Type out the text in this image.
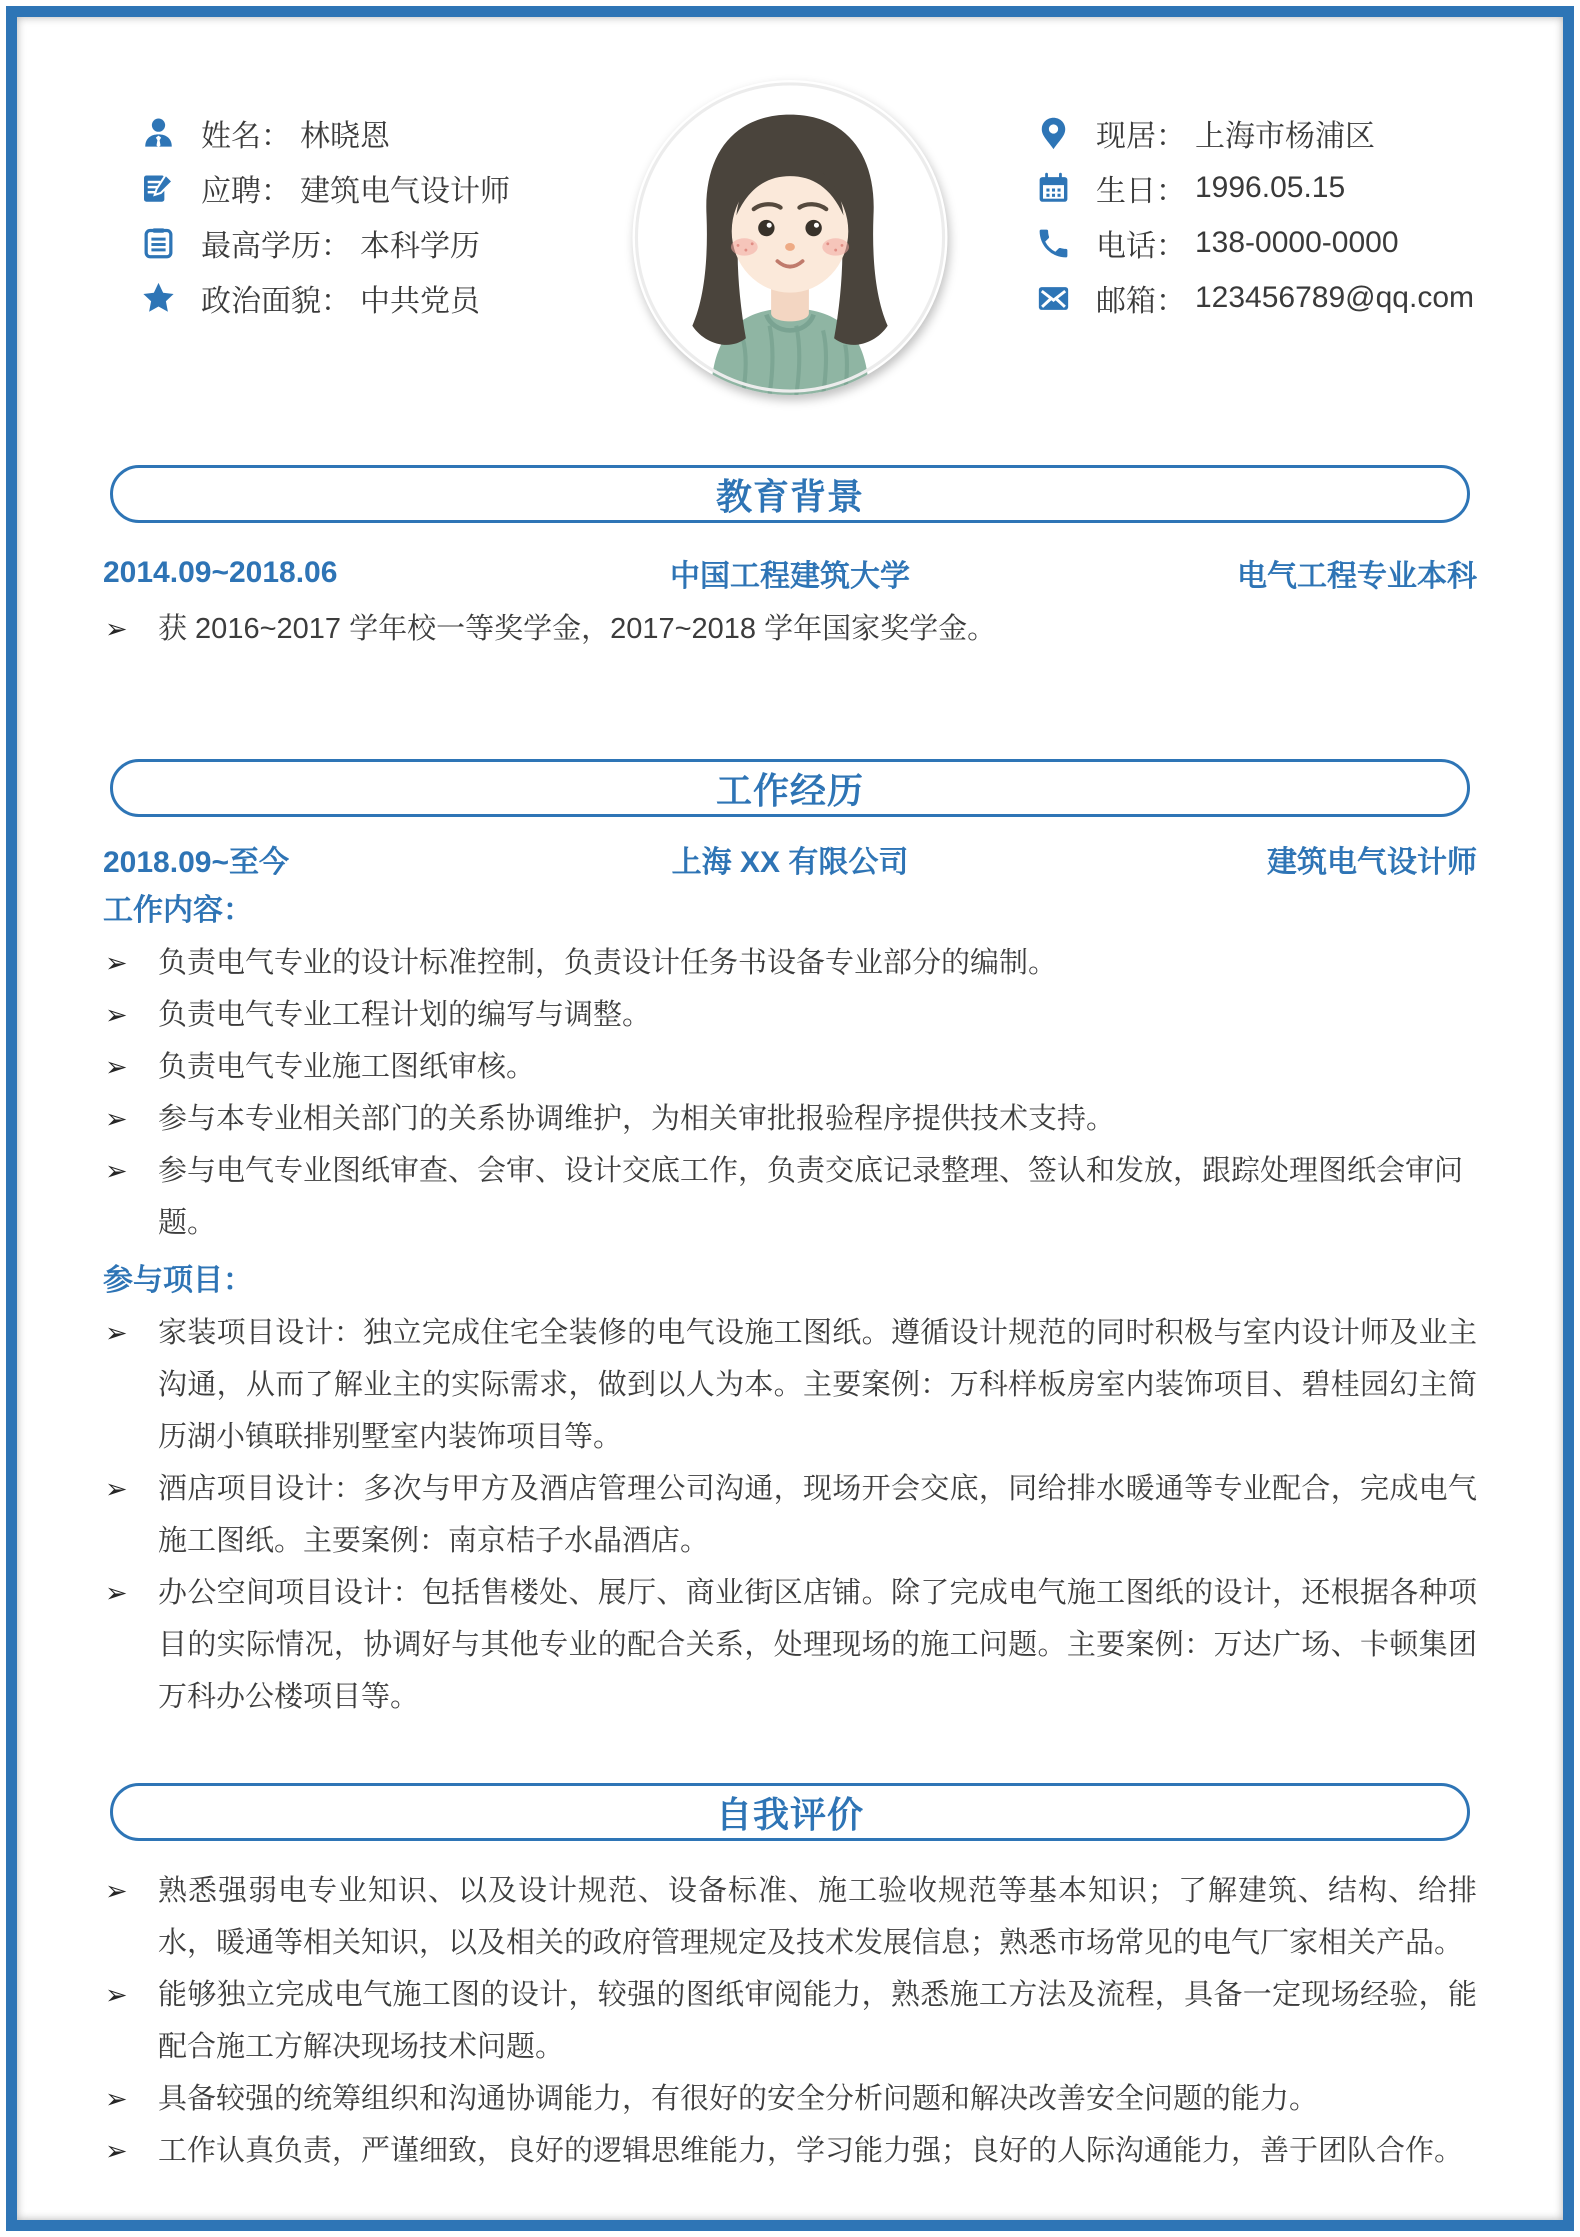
姓名： 林晓恩
应聘： 建筑电气设计师
最高学历： 本科学历
政治面貌： 中共党员
现居： 上海市杨浦区
生日： 1996.05.15
电话： 138-0000-0000
邮箱： 123456789@qq.com
教育背景
2014.09~2018.06	中国工程建筑大学	电气工程专业本科
➢ 获 2016~2017 学年校一等奖学金，2017~2018 学年国家奖学金。
工作经历
2018.09~至今	上海 XX 有限公司	建筑电气设计师
工作内容：
➢ 负责电气专业的设计标准控制，负责设计任务书设备专业部分的编制。
➢ 负责电气专业工程计划的编写与调整。
➢ 负责电气专业施工图纸审核。
➢ 参与本专业相关部门的关系协调维护，为相关审批报验程序提供技术支持。
➢ 参与电气专业图纸审查、会审、设计交底工作，负责交底记录整理、签认和发放，跟踪处理图纸会审问题。
参与项目：
➢ 家装项目设计：独立完成住宅全装修的电气设施工图纸。遵循设计规范的同时积极与室内设计师及业主沟通，从而了解业主的实际需求，做到以人为本。主要案例：万科样板房室内装饰项目、碧桂园幻主简历湖小镇联排别墅室内装饰项目等。
➢ 酒店项目设计：多次与甲方及酒店管理公司沟通，现场开会交底，同给排水暖通等专业配合，完成电气施工图纸。主要案例：南京桔子水晶酒店。
➢ 办公空间项目设计：包括售楼处、展厅、商业街区店铺。除了完成电气施工图纸的设计，还根据各种项目的实际情况，协调好与其他专业的配合关系，处理现场的施工问题。主要案例：万达广场、卡顿集团万科办公楼项目等。
自我评价
➢ 熟悉强弱电专业知识、以及设计规范、设备标准、施工验收规范等基本知识；了解建筑、结构、给排水，暖通等相关知识，以及相关的政府管理规定及技术发展信息；熟悉市场常见的电气厂家相关产品。
➢ 能够独立完成电气施工图的设计，较强的图纸审阅能力，熟悉施工方法及流程，具备一定现场经验，能配合施工方解决现场技术问题。
➢ 具备较强的统筹组织和沟通协调能力，有很好的安全分析问题和解决改善安全问题的能力。
➢ 工作认真负责，严谨细致，良好的逻辑思维能力，学习能力强；良好的人际沟通能力，善于团队合作。
